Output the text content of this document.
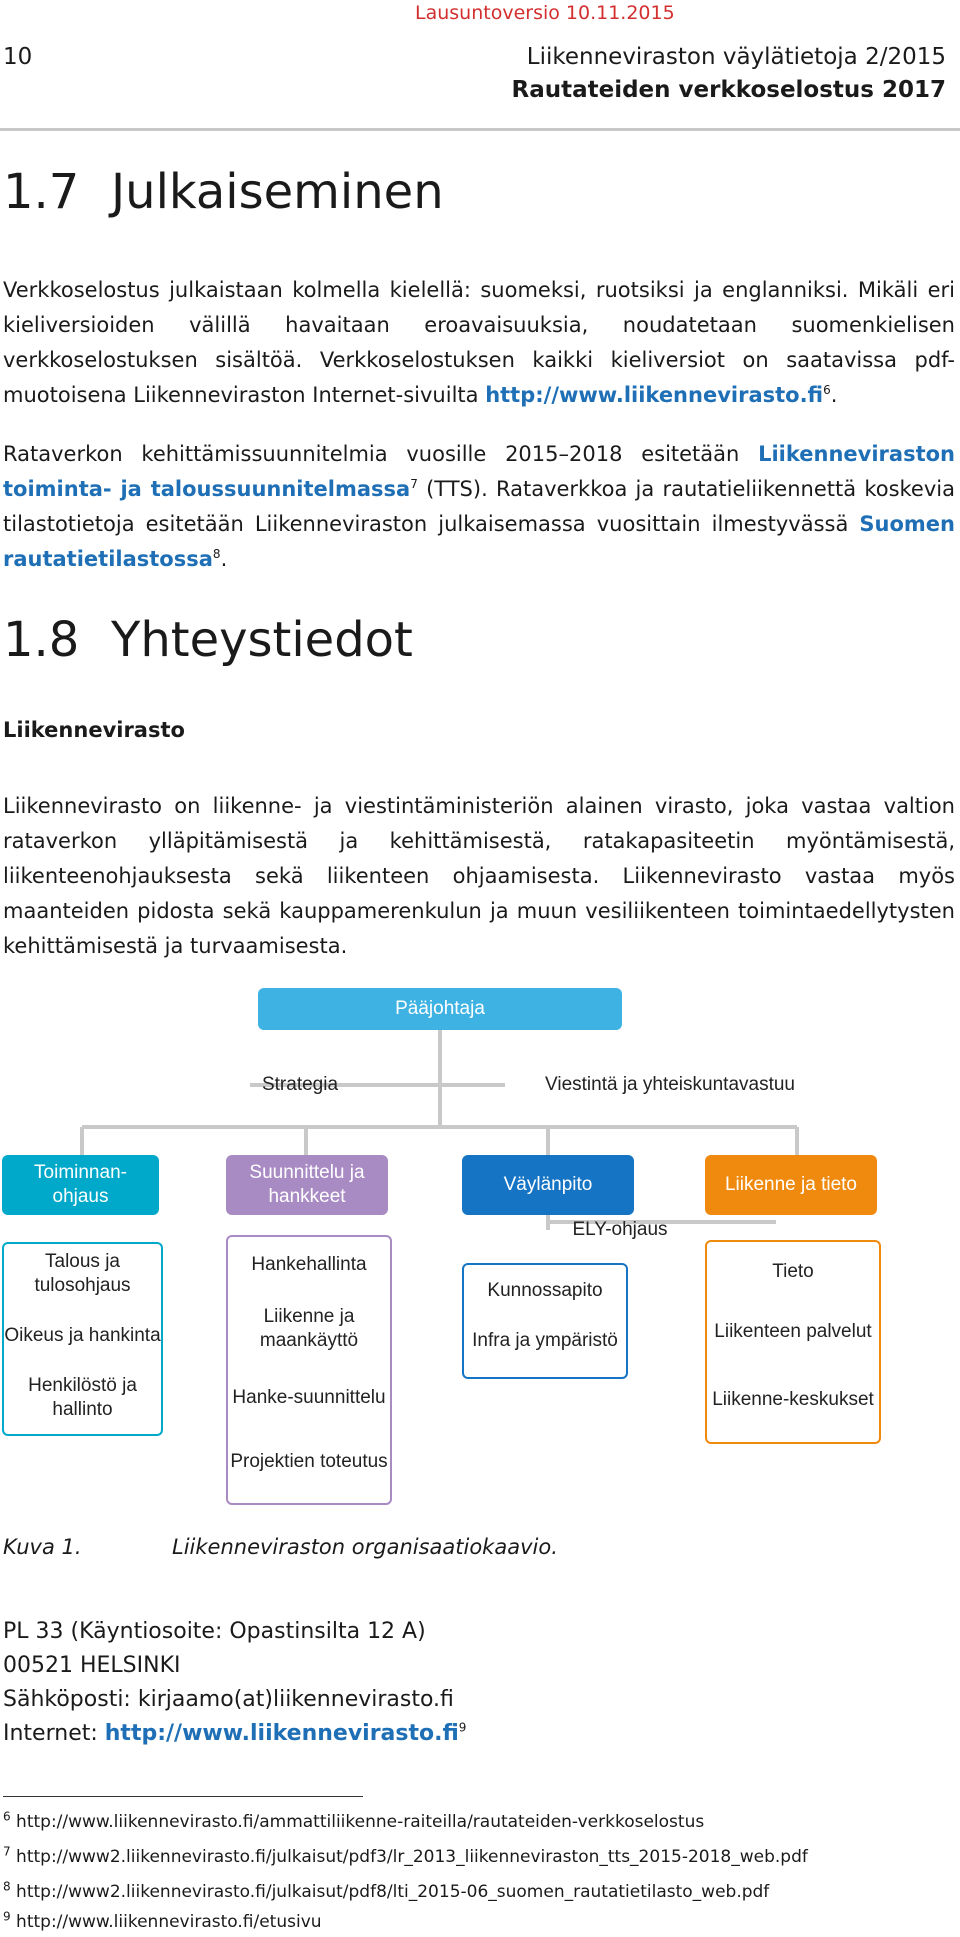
Lausuntoversio 10.11.2015
10	Liikenneviraston väylätietoja 2/2015
Rautateiden verkkoselostus 2017
1.7 Julkaiseminen

Verkkoselostus julkaistaan kolmella kielellä: suomeksi, ruotsiksi ja englanniksi. Mikäli eri kieliversioiden välillä havaitaan eroavaisuuksia, noudatetaan suomenkielisen verkkoselostuksen sisältöä. Verkkoselostuksen kaikki kieliversiot on saatavissa pdf-muotoisena Liikenneviraston Internet-sivuilta $http://www.liikennevirasto.fi^6$.

Rataverkon kehittämissuunnitelmia vuosille 2015–2018 esitetään Liikenneviraston toiminta- ja taloussuunnitelmassa$^7$ (TTS). Rataverkkoa ja rautatieliikennettä koskevia tilastotietoja esitetään Liikenneviraston julkaisemassa vuosittain ilmestyvässä Suomen rautatietilastossa$^8$.

1.8 Yhteystiedot
Liikennevirasto

Liikennevirasto on liikenne- ja viestintäministeriön alainen virasto, joka vastaa valtion rataverkon ylläpitämisestä ja kehittämisestä, ratakapasiteetin myöntämisestä, liikenteenohjauksesta sekä liikenteen ohjaamisesta. Liikennevirasto vastaa myös maanteiden pidosta sekä kauppamerenkulun ja muun vesiliikenteen toimintaedellytysten kehittämisestä ja turvaamisesta.

Pääjohtaja
Strategia	Viestintä ja yhteiskuntavastuu
Toiminnan-ohjaus
Talous ja tulosohjaus
Oikeus ja hankinta
Henkilöstö ja hallinto
Suunnittelu ja hankkeet
Hankehallinta
Liikenne ja maankäyttö
Hanke-suunnittelu
Projektien toteutus
Väylänpito
ELY-ohjaus
Kunnossapito
Infra ja ympäristö
Liikenne ja tieto
Tieto
Liikenteen palvelut
Liikenne-keskukset
Kuva 1.	Liikenneviraston organisaatiokaavio.
PL 33 (Käyntiosoite: Opastinsilta 12 A)
00521 HELSINKI
Sähköposti: kirjaamo(at)liikennevirasto.fi
Internet: $http://www.liikennevirasto.fi^9$
$^6$ http://www.liikennevirasto.fi/ammattiliikenne-raiteilla/rautateiden-verkkoselostus
$^7$ http://www2.liikennevirasto.fi/julkaisut/pdf3/lr_2013_liikenneviraston_tts_2015-2018_web.pdf
$^8$ http://www2.liikennevirasto.fi/julkaisut/pdf8/lti_2015-06_suomen_rautatietilasto_web.pdf
$^9$ http://www.liikennevirasto.fi/etusivu
